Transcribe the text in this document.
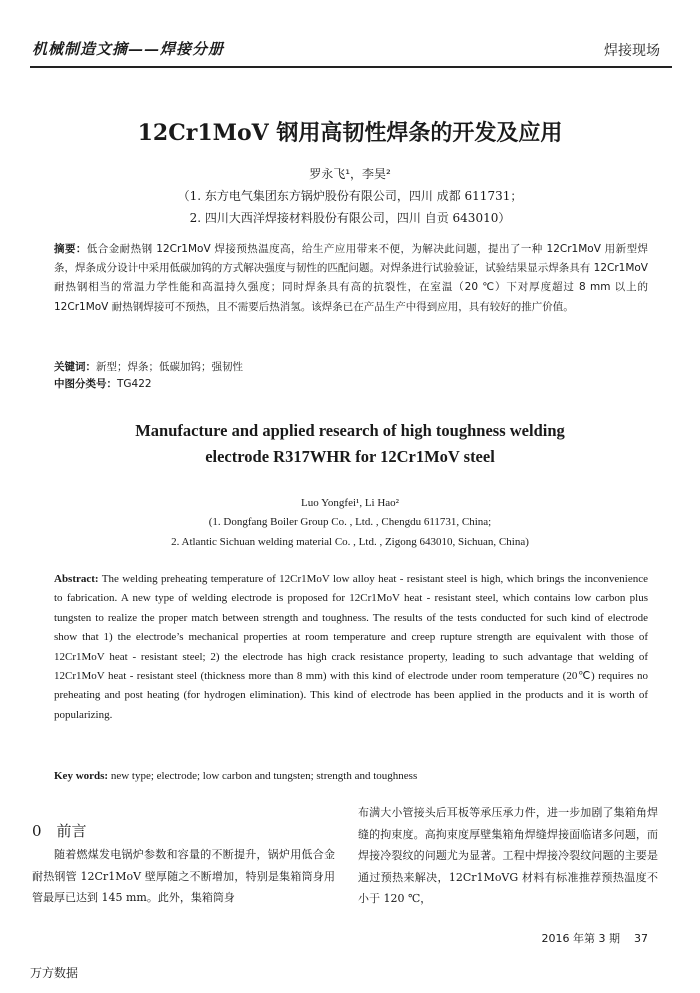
机械制造文摘——焊接分册	焊接现场
12Cr1MoV 钢用高韧性焊条的开发及应用
罗永飞¹，李昊²
（1. 东方电气集团东方锅炉股份有限公司，四川 成都 611731；
2. 四川大西洋焊接材料股份有限公司，四川 自贡 643010）
摘要：低合金耐热钢 12Cr1MoV 焊接预热温度高，给生产应用带来不便，为解决此问题，提出了一种 12Cr1MoV 用新型焊条，焊条成分设计中采用低碳加钨的方式解决强度与韧性的匹配问题。对焊条进行试验验证，试验结果显示焊条具有 12Cr1MoV 耐热钢相当的常温力学性能和高温持久强度；同时焊条具有高的抗裂性，在室温（20 ℃）下对厚度超过 8 mm 以上的 12Cr1MoV 耐热钢焊接可不预热，且不需要后热消氢。该焊条已在产品生产中得到应用，具有较好的推广价值。
关键词：新型；焊条；低碳加钨；强韧性
中图分类号：TG422
Manufacture and applied research of high toughness welding
electrode R317WHR for 12Cr1MoV steel
Luo Yongfei¹, Li Hao²
(1. Dongfang Boiler Group Co. , Ltd. , Chengdu 611731, China;
2. Atlantic Sichuan welding material Co. , Ltd. , Zigong 643010, Sichuan, China)
Abstract: The welding preheating temperature of 12Cr1MoV low alloy heat - resistant steel is high, which brings the inconvenience to fabrication. A new type of welding electrode is proposed for 12Cr1MoV heat - resistant steel, which contains low carbon plus tungsten to realize the proper match between strength and toughness. The results of the tests conducted for such kind of electrode show that 1) the electrode’s mechanical properties at room temperature and creep rupture strength are equivalent with those of 12Cr1MoV heat - resistant steel; 2) the electrode has high crack resistance property, leading to such advantage that welding of 12Cr1MoV heat - resistant steel (thickness more than 8 mm) with this kind of electrode under room temperature (20℃) requires no preheating and post heating (for hydrogen elimination). This kind of electrode has been applied in the products and it is worth of popularizing.
Key words: new type; electrode; low carbon and tungsten; strength and toughness
0　前言
随着燃煤发电锅炉参数和容量的不断提升，锅炉用低合金耐热钢管 12Cr1MoV 壁厚随之不断增加，特别是集箱筒身用管最厚已达到 145 mm。此外，集箱筒身
布满大小管接头后耳板等承压承力件，进一步加剧了集箱角焊缝的拘束度。高拘束度厚壁集箱角焊缝焊接面临诸多问题，而焊接冷裂纹的问题尤为显著。工程中焊接冷裂纹问题的主要是通过预热来解决，12Cr1MoVG 材料有标准推荐预热温度不小于 120 ℃，
2016 年第 3 期 37
万方数据
